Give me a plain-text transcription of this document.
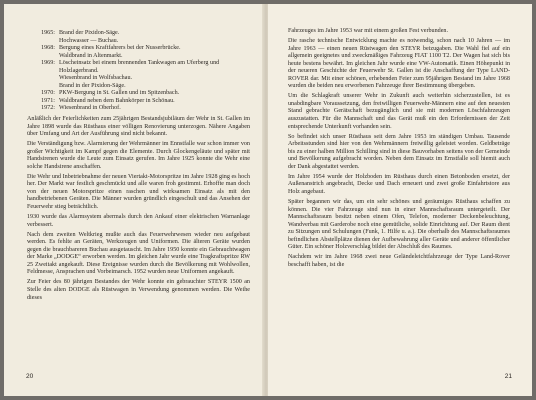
1965: Brand der Pixidon-Säge.
Hochwasser — Buchau.
1968: Bergung eines Kraftfahrers bei der Nusserbrücke.
Waldbrand in Altenmarkt.
1969: Löscheinsatz bei einem brennenden Tankwagen am Uferberg und Holzlagerbrand.
Wiesenbrand in Wolfsbachau.
Brand in der Pixidon-Säge.
1970: PKW-Bergung in St. Gallen und im Spitzenbach.
1971: Waldbrand neben dem Bahnkörper in Schönau.
1972: Wiesenbrand in Oberhof.

Anläßlich der Feierlichkeiten zum 25jährigen Bestandsjubiläum der Wehr in St. Gallen im Jahre 1898 wurde das Rüsthaus einer völligen Renovierung unterzogen. Nähere Angaben über Umfang und Art der Ausführung sind nicht bekannt.

Die Verständigung bzw. Alarmierung der Wehrmänner im Ennstfalle war schon immer von großer Wichtigkeit im Kampf gegen die Elemente. Durch Glockengeläute und später mit Handsirenen wurde die Leute zum Einsatz gerufen. Im Jahre 1925 konnte die Wehr eine solche Handsirene anschaffen.

Die Wehr und Inbetriebnahme der neuen Viertakt-Motorspritze im Jahre 1928 ging es hoch her. Der Markt war festlich geschmückt und alle waren froh gestimmt. Erhoffte man doch von der neuen Motorspritze einen raschen und wirksamen Einsatz als mit den handbetriebenen Geräten. Die Männer wurden gründlich eingeschult und das Ansehen der Feuerwehr stieg beträchtlich.

1930 wurde das Alarmsystem abermals durch den Ankauf einer elektrischen Warnanlage verbessert.

Nach dem zweiten Weltkrieg mußte auch das Feuerwehrwesen wieder neu aufgebaut werden. Es fehlte an Geräten, Werkzeugen und Uniformen. Die älteren Geräte wurden gegen die brauchbareren Buchau ausgetauscht. Im Jahre 1950 konnte ein Gebrauchtwagen der Marke „DODGE“ erworben werden. Im gleichen Jahr wurde eine Tragkraftspritze RW 25 Zweitakt angekauft. Diese Ereignisse wurden durch die Bevölkerung mit Wohlwollen, Feldmesse, Ansprachen und Vorbeimarsch. 1952 wurden neue Uniformen angekauft.

Zur Feier des 80 jährigen Bestandes der Wehr konnte ein gebrauchter STEYR 1500 an Stelle des alten DODGE als Rüstwagen in Verwendung genommen werden. Die Weihe dieses

20

Fahrzeuges im Jahre 1953 war mit einem großen Fest verbunden.

Die rasche technische Entwicklung machte es notwendig, schon nach 10 Jahren — im Jahre 1963 — einen neuen Rüstwagen den STEYR beizugaben. Die Wahl fiel auf ein allgemein geeignetes und zweckmäßiges Fahrzeug FIAT 1100 T2. Der Wagen hat sich bis heute bestens bewährt. Im gleichen Jahr wurde eine VW-Automatik. Einen Höhepunkt in der neueren Geschichte der Feuerwehr St. Gallen ist die Anschaffung der Type LAND-ROVER dar. Mit einer schönen, erhebenden Feier zum 95jährigen Bestand im Jahre 1968 wurden die beiden neu erworbenen Fahrzeuge ihrer Bestimmung übergeben.

Um die Schlagkraft unserer Wehr in Zukunft auch weiterhin sicherzustellen, ist es unabdingbare Voraussetzung, den freiwilligen Feuerwehr-Männern eine auf den neuesten Stand gebrachte Gerätschaft bezugänglich und sie mit modernen Löschfahrzeugen auszustatten. Für die Mannschaft und das Gerät muß ein den Erfordernissen der Zeit entsprechende Unterkunft vorhanden sein.

So befindet sich unser Rüsthaus seit dem Jahre 1953 im ständigen Umbau. Tausende Arbeitsstunden sind hier von den Wehrmännern freiwillig geleistet worden. Geldbeträge bis zu einer halben Million Schilling sind in diese Bauvorhaben seitens von der Gemeinde und Bevölkerung aufgebracht worden. Neben dem Einsatz im Ernstfalle soll hiemit auch der Dank abgestattet werden.

Im Jahre 1954 wurde der Holzboden im Rüsthaus durch einen Betonboden ersetzt, der Außenanstrich angebracht, Decke und Dach erneuert und zwei große Einfahrtstore aus Holz angebaut.

Später begannen wir das, um ein sehr schönes und geräumiges Rüsthaus schaffen zu können. Die vier Fahrzeuge sind nun in einer Mannschaftsraum untergeteilt. Der Mannschaftsraum besitzt neben einem Ofen, Telefon, moderner Deckenbeleuchtung, Wandverbau mit Garderobe noch eine gemütliche, solide Einrichtung auf. Der Raum dient zu Sitzungen und Schulungen (Funk, 1. Hilfe u. a.). Die oberhalb des Mannschaftsraumes befindlichen Abstellplätze dienen der Aufbewahrung aller Geräte und anderer öffentlicher Güter. Ein schöner Holzverschlag bildet der Abschluß des Raumes.

Nachdem wir im Jahre 1968 zwei neue Geländeleichtfahrzeuge der Type Land-Rover beschafft haben, ist die

21
